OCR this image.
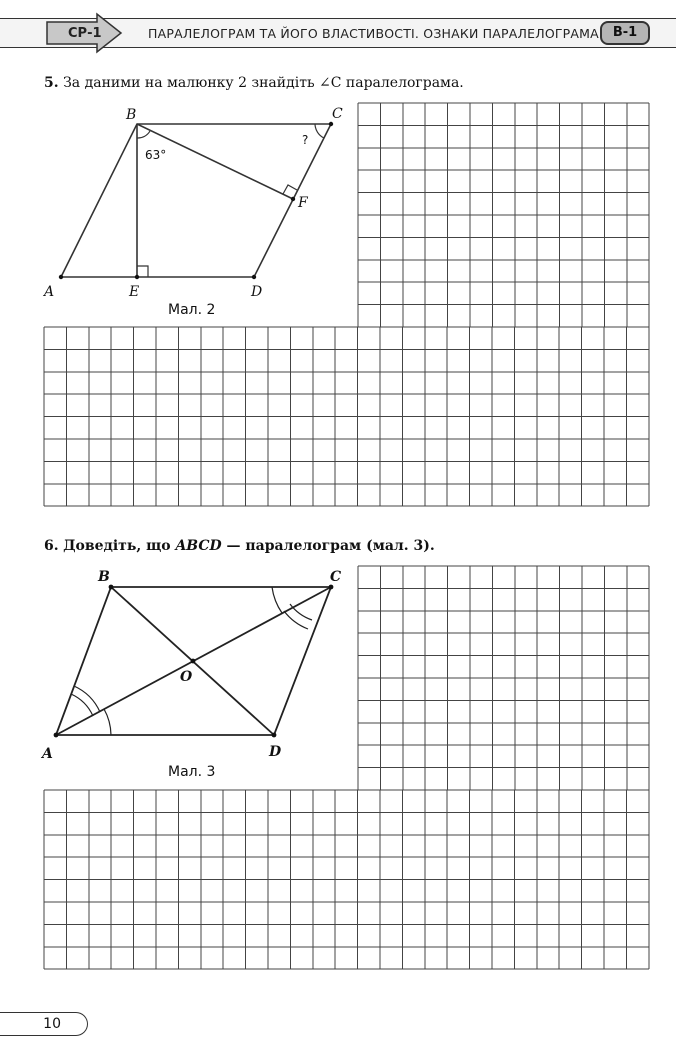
СР-1	ПАРАЛЕЛОГРАМ ТА ЙОГО ВЛАСТИВОСТІ. ОЗНАКИ ПАРАЛЕЛОГРАМА	В-1
5. За даними на малюнку 2 знайдіть ∠C паралелограма.
B	C
A	E	D
F
63°
?
Мал. 2
6. Доведіть, що ABCD — паралелограм (мал. 3).
B	C
A	D
O
Мал. 3
10
